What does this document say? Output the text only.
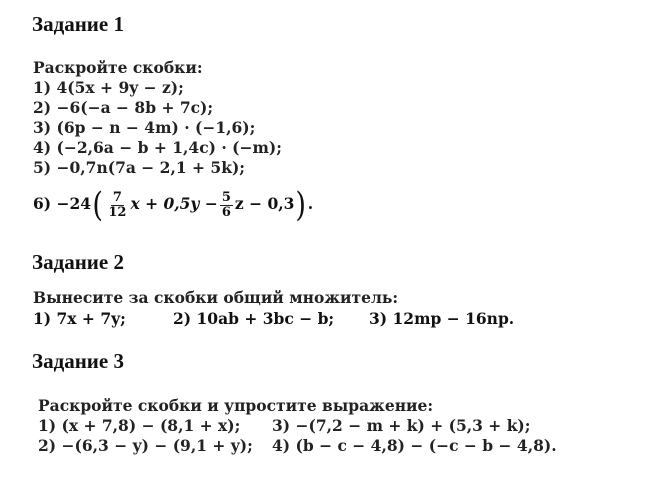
Задание 1
Раскройте скобки:
1) 4(5x + 9y − z);
2) −6(−a − 8b + 7c);
3) (6p − n − 4m) · (−1,6);
4) (−2,6a − b + 1,4c) · (−m);
5) −0,7n(7a − 2,1 + 5k);
$6) -24( \frac{7}{12}$ $x + 0,5y - \frac{5}{6}$ z − 0,3).
Задание 2
Вынесите за скобки общий множитель:
1) 7x + 7y;	2) 10ab + 3bc − b; 3) 12mp − 16np.
Задание 3
Раскройте скобки и упростите выражение:
1) (x + 7,8) − (8,1 + x);
2) −(6,3 − y) − (9,1 + y);
3) −(7,2 − m + k) + (5,3 + k);
4) (b − c − 4,8) − (−c − b − 4,8).
